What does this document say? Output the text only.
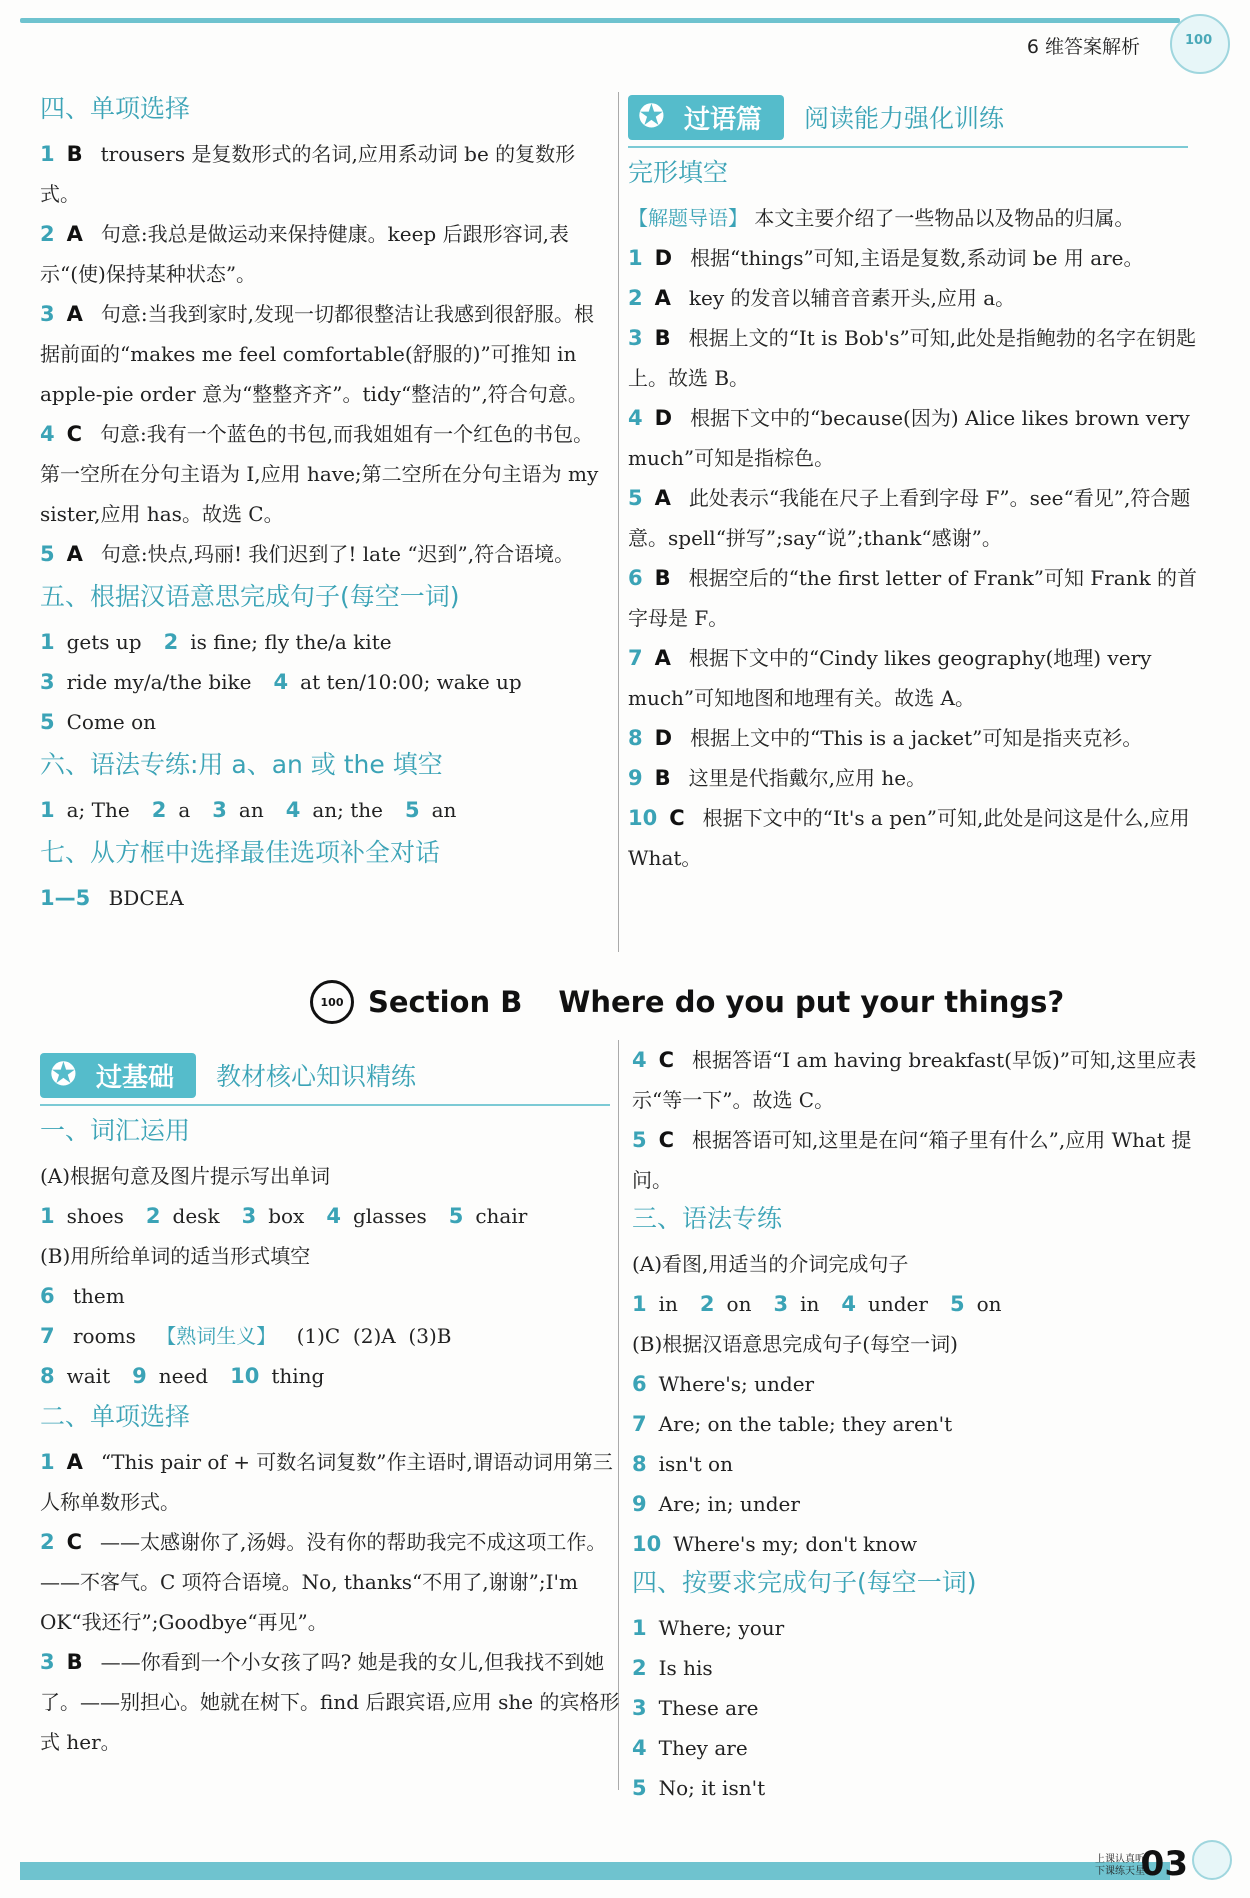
6 维答案解析
100
四、单项选择

1 B trousers 是复数形式的名词,应用系动词 be 的复数形式。

2 A 句意:我总是做运动来保持健康。keep 后跟形容词,表示“(使)保持某种状态”。

3 A 句意:当我到家时,发现一切都很整洁让我感到很舒服。根据前面的“makes me feel comfortable(舒服的)”可推知 in apple-pie order 意为“整整齐齐”。tidy“整洁的”,符合句意。

4 C 句意:我有一个蓝色的书包,而我姐姐有一个红色的书包。第一空所在分句主语为 I,应用 have;第二空所在分句主语为 my sister,应用 has。故选 C。

5 A 句意:快点,玛丽! 我们迟到了! late “迟到”,符合语境。

五、根据汉语意思完成句子(每空一词)

1 gets up 2 is fine; fly the/a kite

3 ride my/a/the bike 4 at ten/10:00; wake up

5 Come on

六、语法专练:用 a、an 或 the 填空

1 a; The 2 a 3 an 4 an; the 5 an

七、从方框中选择最佳选项补全对话

1—5 BDCEA

✪ 过语篇	阅读能力强化训练
完形填空

【解题导语】 本文主要介绍了一些物品以及物品的归属。

1 D 根据“things”可知,主语是复数,系动词 be 用 are。

2 A key 的发音以辅音音素开头,应用 a。

3 B 根据上文的“It is Bob's”可知,此处是指鲍勃的名字在钥匙上。故选 B。

4 D 根据下文中的“because(因为) Alice likes brown very much”可知是指棕色。

5 A 此处表示“我能在尺子上看到字母 F”。see“看见”,符合题意。spell“拼写”;say“说”;thank“感谢”。

6 B 根据空后的“the first letter of Frank”可知 Frank 的首字母是 F。

7 A 根据下文中的“Cindy likes geography(地理) very much”可知地图和地理有关。故选 A。

8 D 根据上文中的“This is a jacket”可知是指夹克衫。

9 B 这里是代指戴尔,应用 he。

10 C 根据下文中的“It's a pen”可知,此处是问这是什么,应用 What。

100 Section B Where do you put your things?
✪ 过基础	教材核心知识精练
一、词汇运用

(A)根据句意及图片提示写出单词

1 shoes 2 desk 3 box 4 glasses 5 chair

(B)用所给单词的适当形式填空

6 them

7 rooms 【熟词生义】 (1)C  (2)A  (3)B

8 wait 9 need 10 thing

二、单项选择

1 A “This pair of + 可数名词复数”作主语时,谓语动词用第三人称单数形式。

2 C ——太感谢你了,汤姆。没有你的帮助我完不成这项工作。——不客气。C 项符合语境。No, thanks“不用了,谢谢”;I'm OK“我还行”;Goodbye“再见”。

3 B ——你看到一个小女孩了吗? 她是我的女儿,但我找不到她了。——别担心。她就在树下。find 后跟宾语,应用 she 的宾格形式 her。

4 C 根据答语“I am having breakfast(早饭)”可知,这里应表示“等一下”。故选 C。

5 C 根据答语可知,这里是在问“箱子里有什么”,应用 What 提问。

三、语法专练

(A)看图,用适当的介词完成句子

1 in 2 on 3 in 4 under 5 on

(B)根据汉语意思完成句子(每空一词)

6 Where's; under

7 Are; on the table; they aren't

8 isn't on

9 Are; in; under

10 Where's my; don't know

四、按要求完成句子(每空一词)

1 Where; your

2 Is his

3 These are

4 They are

5 No; it isn't

上课认真听
下课练天星
03
